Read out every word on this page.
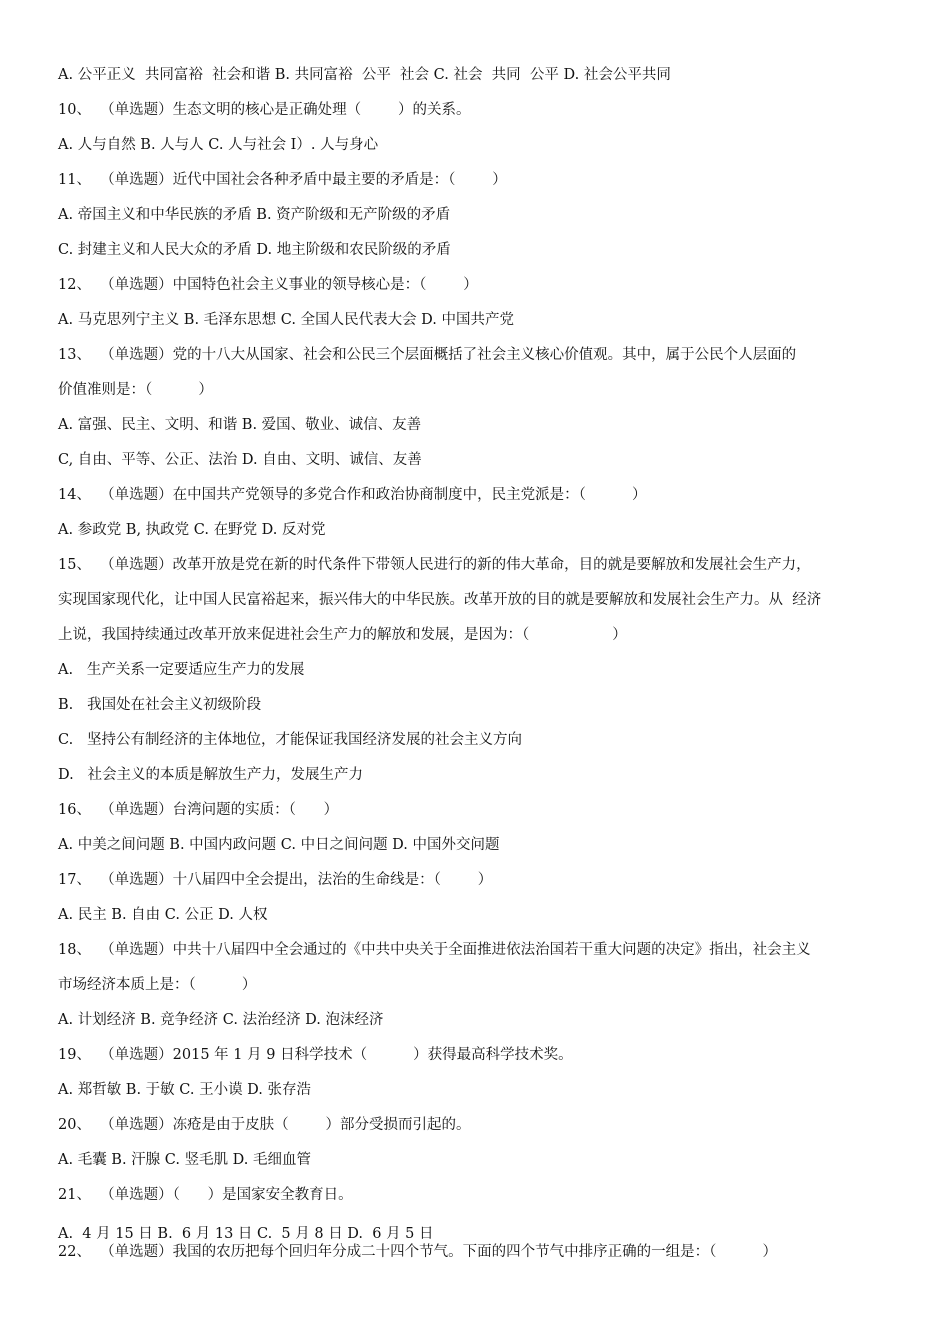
A. 公平正义  共同富裕  社会和谐 B. 共同富裕  公平  社会 C. 社会  共同  公平 D. 社会公平共同
10、  （单选题）生态文明的核心是正确处理（        ）的关系。
A. 人与自然 B. 人与人 C. 人与社会 I）. 人与身心
11、  （单选题）近代中国社会各种矛盾中最主要的矛盾是：（        ）
A. 帝国主义和中华民族的矛盾 B. 资产阶级和无产阶级的矛盾
C. 封建主义和人民大众的矛盾 D. 地主阶级和农民阶级的矛盾
12、  （单选题）中国特色社会主义事业的领导核心是：（        ）
A. 马克思列宁主义 B. 毛泽东思想 C. 全国人民代表大会 D. 中国共产党
13、  （单选题）党的十八大从国家、社会和公民三个层面概括了社会主义核心价值观。其中，属于公民个人层面的
价值准则是：（          ）
A. 富强、民主、文明、和谐 B. 爱国、敬业、诚信、友善
C, 自由、平等、公正、法治 D. 自由、文明、诚信、友善
14、  （单选题）在中国共产党领导的多党合作和政治协商制度中，民主党派是：（          ）
A. 参政党 B, 执政党 C. 在野党 D. 反对党
15、  （单选题）改革开放是党在新的时代条件下带领人民进行的新的伟大革命，目的就是要解放和发展社会生产力，
实现国家现代化，让中国人民富裕起来，振兴伟大的中华民族。改革开放的目的就是要解放和发展社会生产力。从  经济
上说，我国持续通过改革开放来促进社会生产力的解放和发展，是因为：（                  ）
A.   生产关系一定要适应生产力的发展
B.   我国处在社会主义初级阶段
C.   坚持公有制经济的主体地位，才能保证我国经济发展的社会主义方向
D.   社会主义的本质是解放生产力，发展生产力
16、  （单选题）台湾问题的实质：（      ）
A. 中美之间问题 B. 中国内政问题 C. 中日之间问题 D. 中国外交问题
17、  （单选题）十八届四中全会提出，法治的生命线是：（        ）
A. 民主 B. 自由 C. 公正 D. 人权
18、  （单选题）中共十八届四中全会通过的《中共中央关于全面推进依法治国若干重大问题的决定》指出，社会主义
市场经济本质上是：（          ）
A. 计划经济 B. 竞争经济 C. 法治经济 D. 泡沫经济
19、  （单选题）2015 年 1 月 9 日科学技术（          ）获得最高科学技术奖。
A. 郑哲敏 B. 于敏 C. 王小谟 D. 张存浩
20、  （单选题）冻疮是由于皮肤（        ）部分受损而引起的。
A. 毛囊 B. 汗腺 C. 竖毛肌 D. 毛细血管
21、  （单选题）（      ）是国家安全教育日。
A.  4 月 15 日 B.  6 月 13 日 C.  5 月 8 日 D.  6 月 5 日
22、  （单选题）我国的农历把每个回归年分成二十四个节气。下面的四个节气中排序正确的一组是：（          ）
